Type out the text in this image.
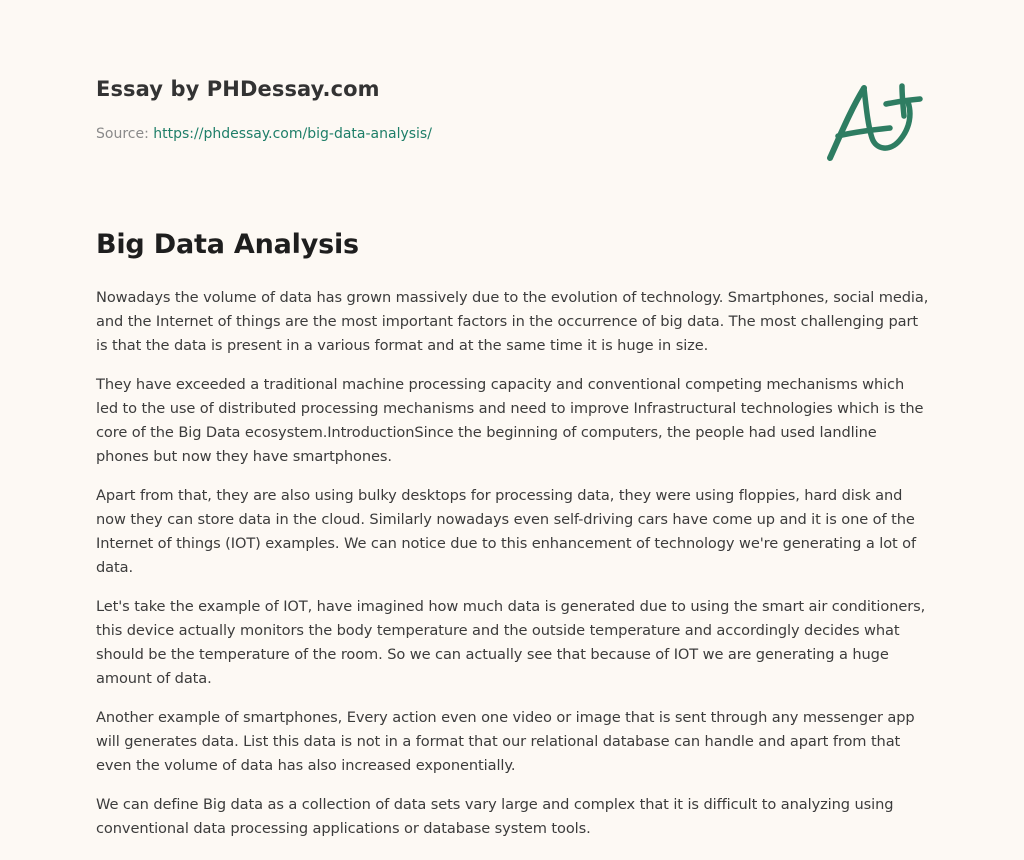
Essay by PHDessay.com
Source: https://phdessay.com/big-data-analysis/
Big Data Analysis

Nowadays the volume of data has grown massively due to the evolution of technology. Smartphones, social media, and the Internet of things are the most important factors in the occurrence of big data. The most challenging part is that the data is present in a various format and at the same time it is huge in size.

They have exceeded a traditional machine processing capacity and conventional competing mechanisms which led to the use of distributed processing mechanisms and need to improve Infrastructural technologies which is the core of the Big Data ecosystem.IntroductionSince the beginning of computers, the people had used landline phones but now they have smartphones.

Apart from that, they are also using bulky desktops for processing data, they were using floppies, hard disk and now they can store data in the cloud. Similarly nowadays even self-driving cars have come up and it is one of the Internet of things (IOT) examples. We can notice due to this enhancement of technology we're generating a lot of data.

Let's take the example of IOT, have imagined how much data is generated due to using the smart air conditioners, this device actually monitors the body temperature and the outside temperature and accordingly decides what should be the temperature of the room. So we can actually see that because of IOT we are generating a huge amount of data.

Another example of smartphones, Every action even one video or image that is sent through any messenger app will generates data. List this data is not in a format that our relational database can handle and apart from that even the volume of data has also increased exponentially.

We can define Big data as a collection of data sets vary large and complex that it is difficult to analyzing using conventional data processing applications or database system tools.
